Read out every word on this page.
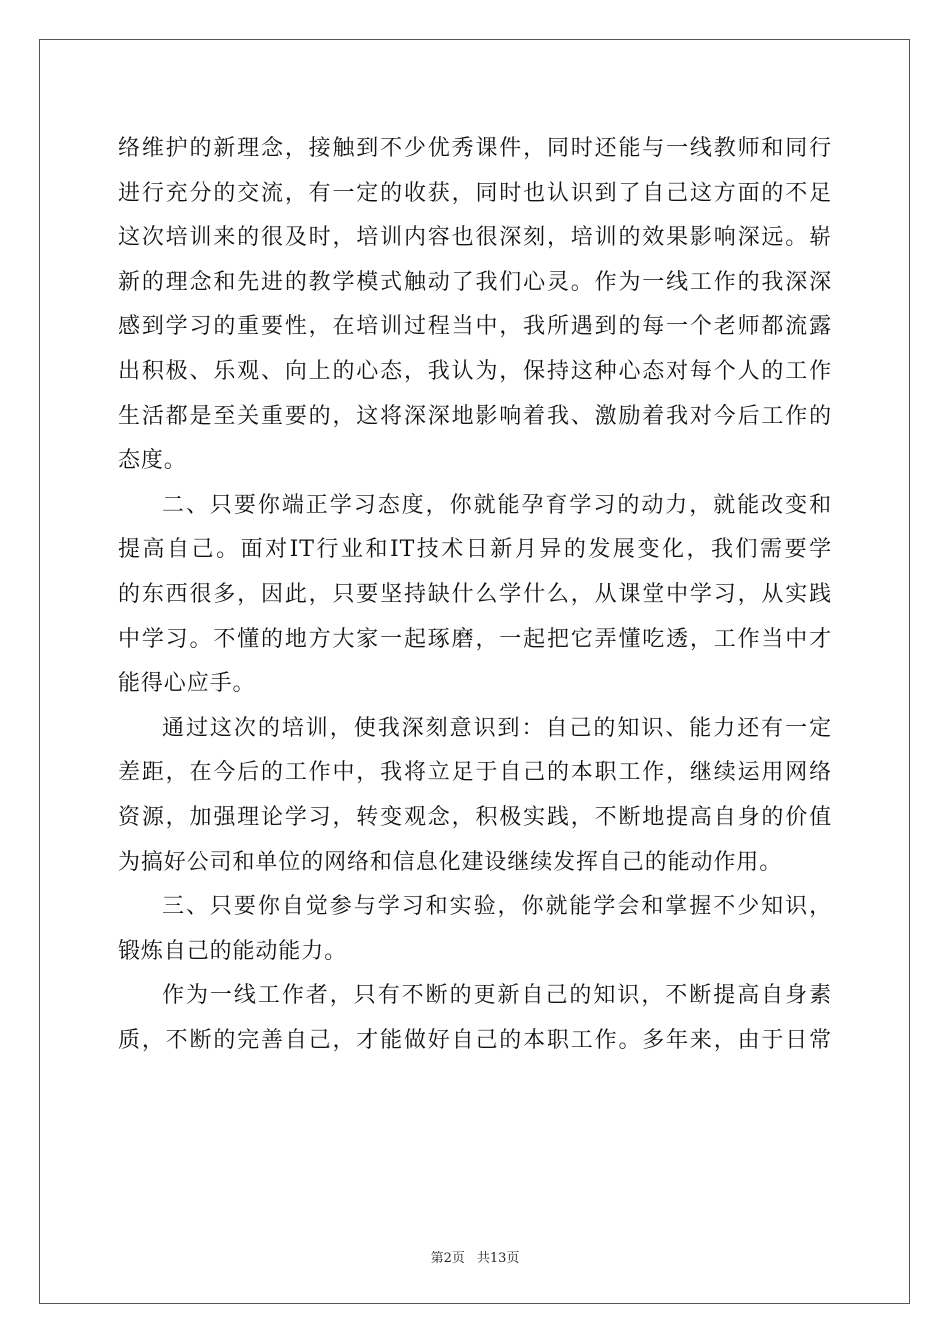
络维护的新理念，接触到不少优秀课件，同时还能与一线教师和同行
进行充分的交流，有一定的收获，同时也认识到了自己这方面的不足
这次培训来的很及时，培训内容也很深刻，培训的效果影响深远。崭
新的理念和先进的教学模式触动了我们心灵。作为一线工作的我深深
感到学习的重要性，在培训过程当中，我所遇到的每一个老师都流露
出积极、乐观、向上的心态，我认为，保持这种心态对每个人的工作
生活都是至关重要的，这将深深地影响着我、激励着我对今后工作的
态度。
二、只要你端正学习态度，你就能孕育学习的动力，就能改变和
提高自己。面对IT行业和IT技术日新月异的发展变化，我们需要学
的东西很多，因此，只要坚持缺什么学什么，从课堂中学习，从实践
中学习。不懂的地方大家一起琢磨，一起把它弄懂吃透，工作当中才
能得心应手。
通过这次的培训，使我深刻意识到：自己的知识、能力还有一定
差距，在今后的工作中，我将立足于自己的本职工作，继续运用网络
资源，加强理论学习，转变观念，积极实践，不断地提高自身的价值
为搞好公司和单位的网络和信息化建设继续发挥自己的能动作用。
三、只要你自觉参与学习和实验，你就能学会和掌握不少知识，
锻炼自己的能动能力。
作为一线工作者，只有不断的更新自己的知识，不断提高自身素
质，不断的完善自己，才能做好自己的本职工作。多年来，由于日常
第2页 共13页
